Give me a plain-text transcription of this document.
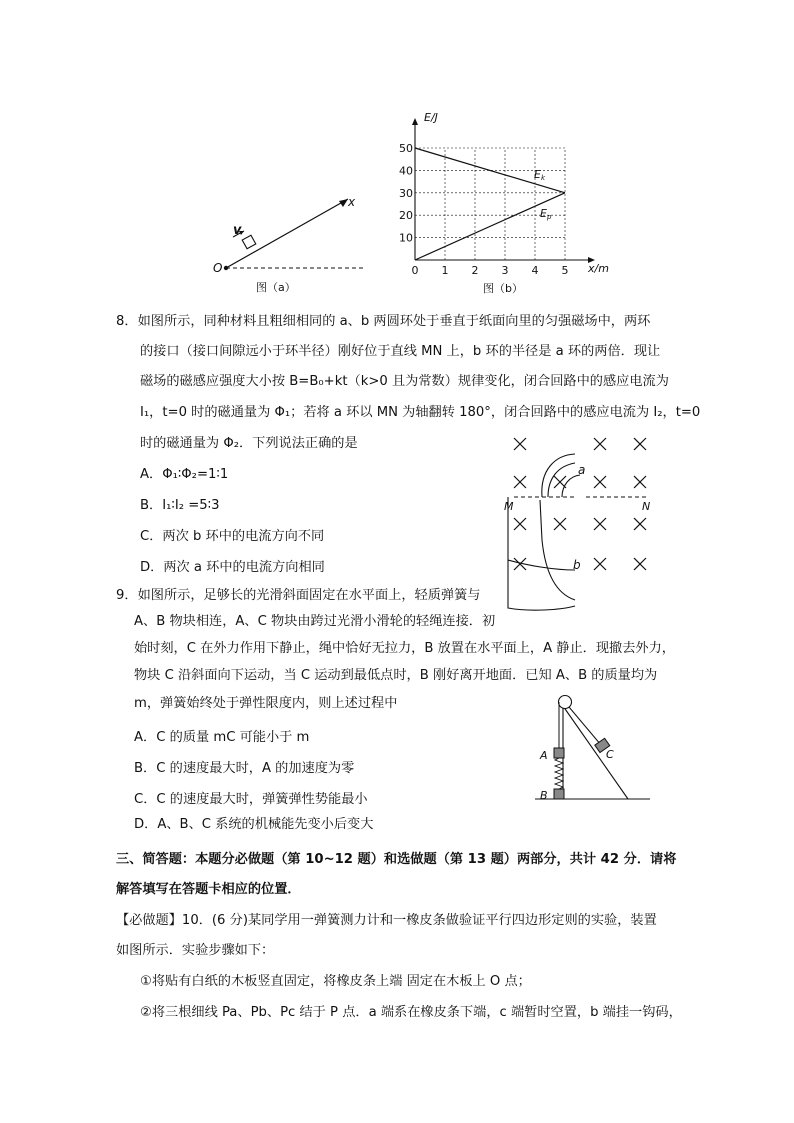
x
v
O
图（a）
0 1 2 3 4 5
10
20
30
40
50
E/J
x/m
Ek
Ep
图（b）
8．如图所示，同种材料且粗细相同的 a、b 两圆环处于垂直于纸面向里的匀强磁场中，两环
的接口（接口间隙远小于环半径）刚好位于直线 MN 上，b 环的半径是 a 环的两倍．现让
磁场的磁感应强度大小按 B=B₀+kt（k>0 且为常数）规律变化，闭合回路中的感应电流为
I₁，t=0 时的磁通量为 Φ₁；若将 a 环以 MN 为轴翻转 180°，闭合回路中的感应电流为 I₂，t=0
时的磁通量为 Φ₂．下列说法正确的是
A．Φ₁∶Φ₂=1∶1
B．I₁∶I₂ =5∶3
C．两次 b 环中的电流方向不同
D．两次 a 环中的电流方向相同
a
b
M	N
9．如图所示，足够长的光滑斜面固定在水平面上，轻质弹簧与
A、B 物块相连，A、C 物块由跨过光滑小滑轮的轻绳连接．初
始时刻，C 在外力作用下静止，绳中恰好无拉力，B 放置在水平面上，A 静止．现撤去外力，
物块 C 沿斜面向下运动，当 C 运动到最低点时，B 刚好离开地面．已知 A、B 的质量均为
m，弹簧始终处于弹性限度内，则上述过程中
A．C 的质量 mC 可能小于 m
B．C 的速度最大时，A 的加速度为零
C．C 的速度最大时，弹簧弹性势能最小
D．A、B、C 系统的机械能先变小后变大
A
B
C
三、简答题：本题分必做题（第 10~12 题）和选做题（第 13 题）两部分，共计 42 分．请将
解答填写在答题卡相应的位置．
【必做题】10．(6 分)某同学用一弹簧测力计和一橡皮条做验证平行四边形定则的实验，装置
如图所示．实验步骤如下：
①将贴有白纸的木板竖直固定，将橡皮条上端 固定在木板上 O 点；
②将三根细线 Pa、Pb、Pc 结于 P 点．a 端系在橡皮条下端，c 端暂时空置，b 端挂一钩码，
